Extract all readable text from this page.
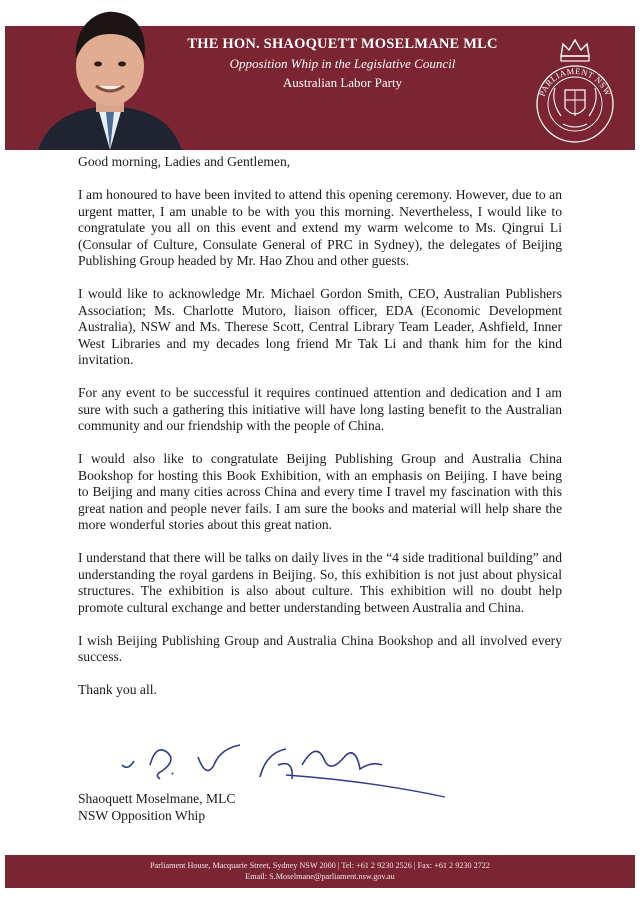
THE HON. SHAOQUETT MOSELMANE MLC
Opposition Whip in the Legislative Council
Australian Labor Party
PARLIAMENT NSW

Good morning, Ladies and Gentlemen,

I am honoured to have been invited to attend this opening ceremony. However, due to an urgent matter, I am unable to be with you this morning. Nevertheless, I would like to congratulate you all on this event and extend my warm welcome to Ms. Qingrui Li (Consular of Culture, Consulate General of PRC in Sydney), the delegates of Beijing Publishing Group headed by Mr. Hao Zhou and other guests.

I would like to acknowledge Mr. Michael Gordon Smith, CEO, Australian Publishers Association; Ms. Charlotte Mutoro, liaison officer, EDA (Economic Development Australia), NSW and Ms. Therese Scott, Central Library Team Leader, Ashfield, Inner West Libraries and my decades long friend Mr Tak Li and thank him for the kind invitation.

For any event to be successful it requires continued attention and dedication and I am sure with such a gathering this initiative will have long lasting benefit to the Australian community and our friendship with the people of China.

I would also like to congratulate Beijing Publishing Group and Australia China Bookshop for hosting this Book Exhibition, with an emphasis on Beijing. I have being to Beijing and many cities across China and every time I travel my fascination with this great nation and people never fails. I am sure the books and material will help share the more wonderful stories about this great nation.

I understand that there will be talks on daily lives in the “4 side traditional building” and understanding the royal gardens in Beijing. So, this exhibition is not just about physical structures. The exhibition is also about culture. This exhibition will no doubt help promote cultural exchange and better understanding between Australia and China.

I wish Beijing Publishing Group and Australia China Bookshop and all involved every success.

Thank you all.

Shaoquett Moselmane, MLC
NSW Opposition Whip
Parliament House, Macquarie Street, Sydney NSW 2000 | Tel: +61 2 9230 2526 | Fax: +61 2 9230 2722
Email: S.Moselmane@parliament.nsw.gov.au
